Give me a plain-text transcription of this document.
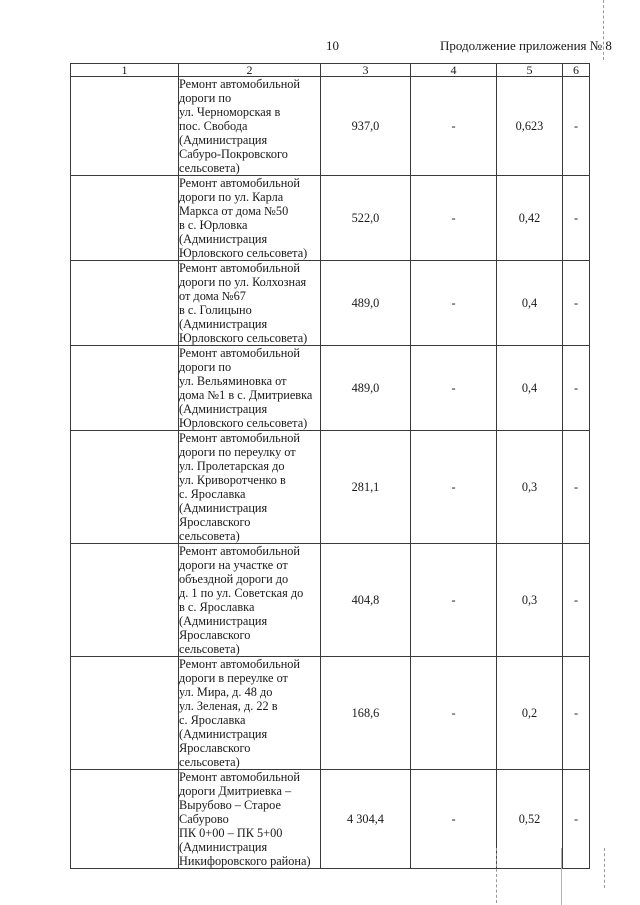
10	Продолжение приложения № 8
1	2	3	4	5	6

Ремонт автомобильной
дороги по
ул. Черноморская в
пос. Свобода
(Администрация
Сабуро-Покровского
сельсовета)
	937,0	-	0,623	-

Ремонт автомобильной
дороги по ул. Карла
Маркса от дома №50
в с. Юрловка
(Администрация
Юрловского сельсовета)
	522,0	-	0,42	-

Ремонт автомобильной
дороги по ул. Колхозная
от дома №67
в с. Голицыно
(Администрация
Юрловского сельсовета)
	489,0	-	0,4	-

Ремонт автомобильной
дороги по
ул. Вельяминовка от
дома №1 в с. Дмитриевка
(Администрация
Юрловского сельсовета)
	489,0	-	0,4	-

Ремонт автомобильной
дороги по переулку от
ул. Пролетарская до
ул. Криворотченко в
с. Ярославка
(Администрация
Ярославского
сельсовета)
	281,1	-	0,3	-

Ремонт автомобильной
дороги на участке от
объездной дороги до
д. 1 по ул. Советская до
в с. Ярославка
(Администрация
Ярославского
сельсовета)
	404,8	-	0,3	-

Ремонт автомобильной
дороги в переулке от
ул. Мира, д. 48 до
ул. Зеленая, д. 22 в
с. Ярославка
(Администрация
Ярославского
сельсовета)
	168,6	-	0,2	-

Ремонт автомобильной
дороги Дмитриевка –
Вырубово – Старое
Сабурово
ПК 0+00 – ПК 5+00
(Администрация
Никифоровского района)
	4 304,4	-	0,52	-
